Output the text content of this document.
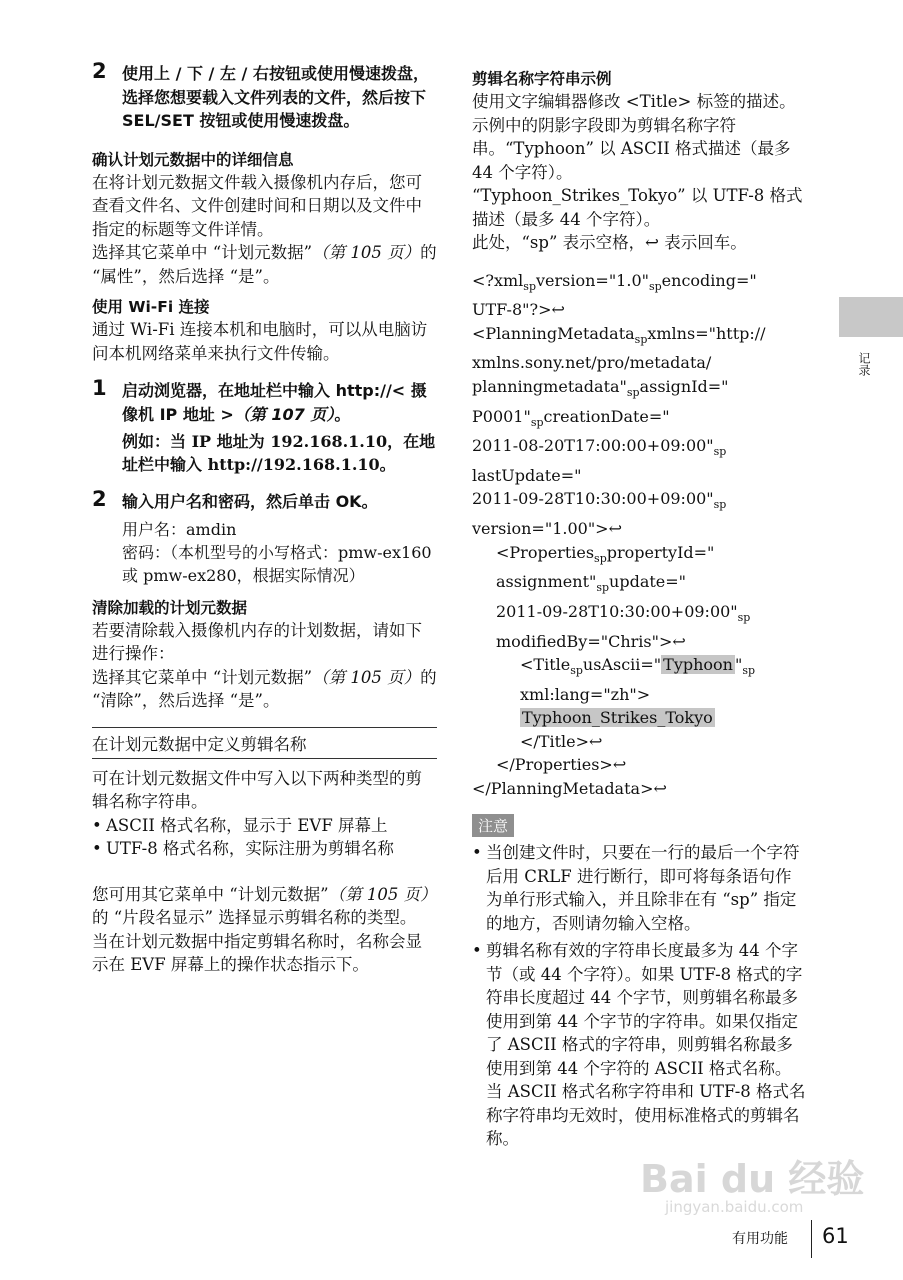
记录
2 使用上 / 下 / 左 / 右按钮或使用慢速拨盘，选择您想要载入文件列表的文件，然后按下 SEL/SET 按钮或使用慢速拨盘。
确认计划元数据中的详细信息

在将计划元数据文件载入摄像机内存后，您可查看文件名、文件创建时间和日期以及文件中指定的标题等文件详情。

选择其它菜单中 “计划元数据”（第 105 页）的 “属性”，然后选择 “是”。

使用 Wi-Fi 连接

通过 Wi-Fi 连接本机和电脑时，可以从电脑访问本机网络菜单来执行文件传输。

1 启动浏览器，在地址栏中输入 http://< 摄像机 IP 地址 >（第 107 页）。

例如：当 IP 地址为 192.168.1.10，在地址栏中输入 http://192.168.1.10。

2 输入用户名和密码，然后单击 OK。

用户名：amdin

密码：（本机型号的小写格式：pmw-ex160 或 pmw-ex280，根据实际情况）

清除加载的计划元数据

若要清除载入摄像机内存的计划数据，请如下进行操作：

选择其它菜单中 “计划元数据”（第 105 页）的 “清除”，然后选择 “是”。

在计划元数据中定义剪辑名称

可在计划元数据文件中写入以下两种类型的剪辑名称字符串。

• ASCII 格式名称，显示于 EVF 屏幕上

• UTF-8 格式名称，实际注册为剪辑名称

您可用其它菜单中 “计划元数据”（第 105 页）的 “片段名显示” 选择显示剪辑名称的类型。

当在计划元数据中指定剪辑名称时，名称会显示在 EVF 屏幕上的操作状态指示下。

剪辑名称字符串示例

使用文字编辑器修改 <Title> 标签的描述。

示例中的阴影字段即为剪辑名称字符串。“Typhoon” 以 ASCII 格式描述（最多 44 个字符）。

“Typhoon_Strikes_Tokyo” 以 UTF-8 格式描述（最多 44 个字符）。

此处，“sp” 表示空格，↩ 表示回车。

$<?xml_{sp}version="1.0"_{sp}encoding=$"
UTF-8"?>↩
<PlanningMetadata$_{sp}$xmlns="http://
xmlns.sony.net/pro/metadata/
$planningmetadata"_{sp}assignId=$"
$P0001"_{sp}creationDate=$"
$2011-08-20T17:00:00+09:00"_{sp}$
lastUpdate="
$2011-09-28T10:30:00+09:00"_{sp}$
version="1.00">↩
<Properties$_{sp}$propertyId="
$assignment"_{sp}update=$"
$2011-09-28T10:30:00+09:00"_{sp}$
modifiedBy="Chris">↩
<Title$_{sp}$usAscii=" Typhoon "$_{sp}$
xml:lang="zh">
Typhoon_Strikes_Tokyo
</Title>↩
</Properties>↩
</PlanningMetadata>↩
注意

• 当创建文件时，只要在一行的最后一个字符后用 CRLF 进行断行，即可将每条语句作为单行形式输入，并且除非在有 “sp” 指定的地方，否则请勿输入空格。

• 剪辑名称有效的字符串长度最多为 44 个字节（或 44 个字符）。如果 UTF-8 格式的字符串长度超过 44 个字节，则剪辑名称最多使用到第 44 个字节的字符串。如果仅指定了 ASCII 格式的字符串，则剪辑名称最多使用到第 44 个字符的 ASCII 格式名称。当 ASCII 格式名称字符串和 UTF-8 格式名称字符串均无效时，使用标准格式的剪辑名称。

Bai du 经验
jingyan.baidu.com
有用功能 61
